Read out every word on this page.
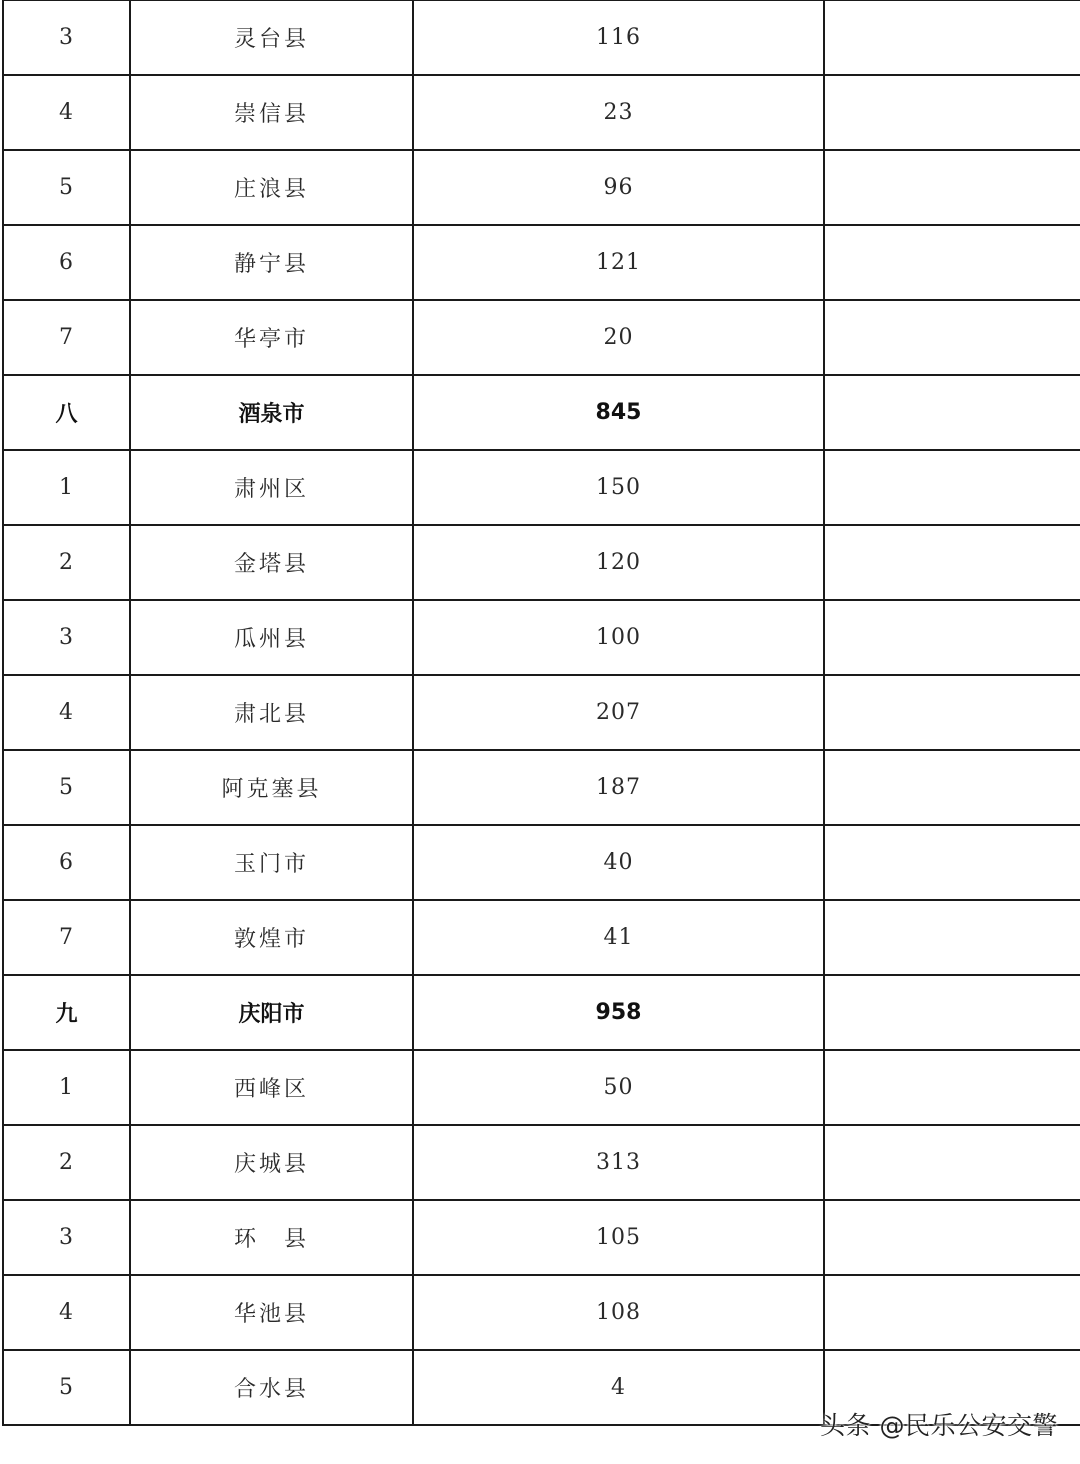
3	灵台县	116	
4	崇信县	23	
5	庄浪县	96	
6	静宁县	121	
7	华亭市	20	
八	酒泉市	845	
1	肃州区	150	
2	金塔县	120	
3	瓜州县	100	
4	肃北县	207	
5	阿克塞县	187	
6	玉门市	40	
7	敦煌市	41	
九	庆阳市	958	
1	西峰区	50	
2	庆城县	313	
3	环　县	105	
4	华池县	108	
5	合水县	4	
头条 @民乐公安交警
